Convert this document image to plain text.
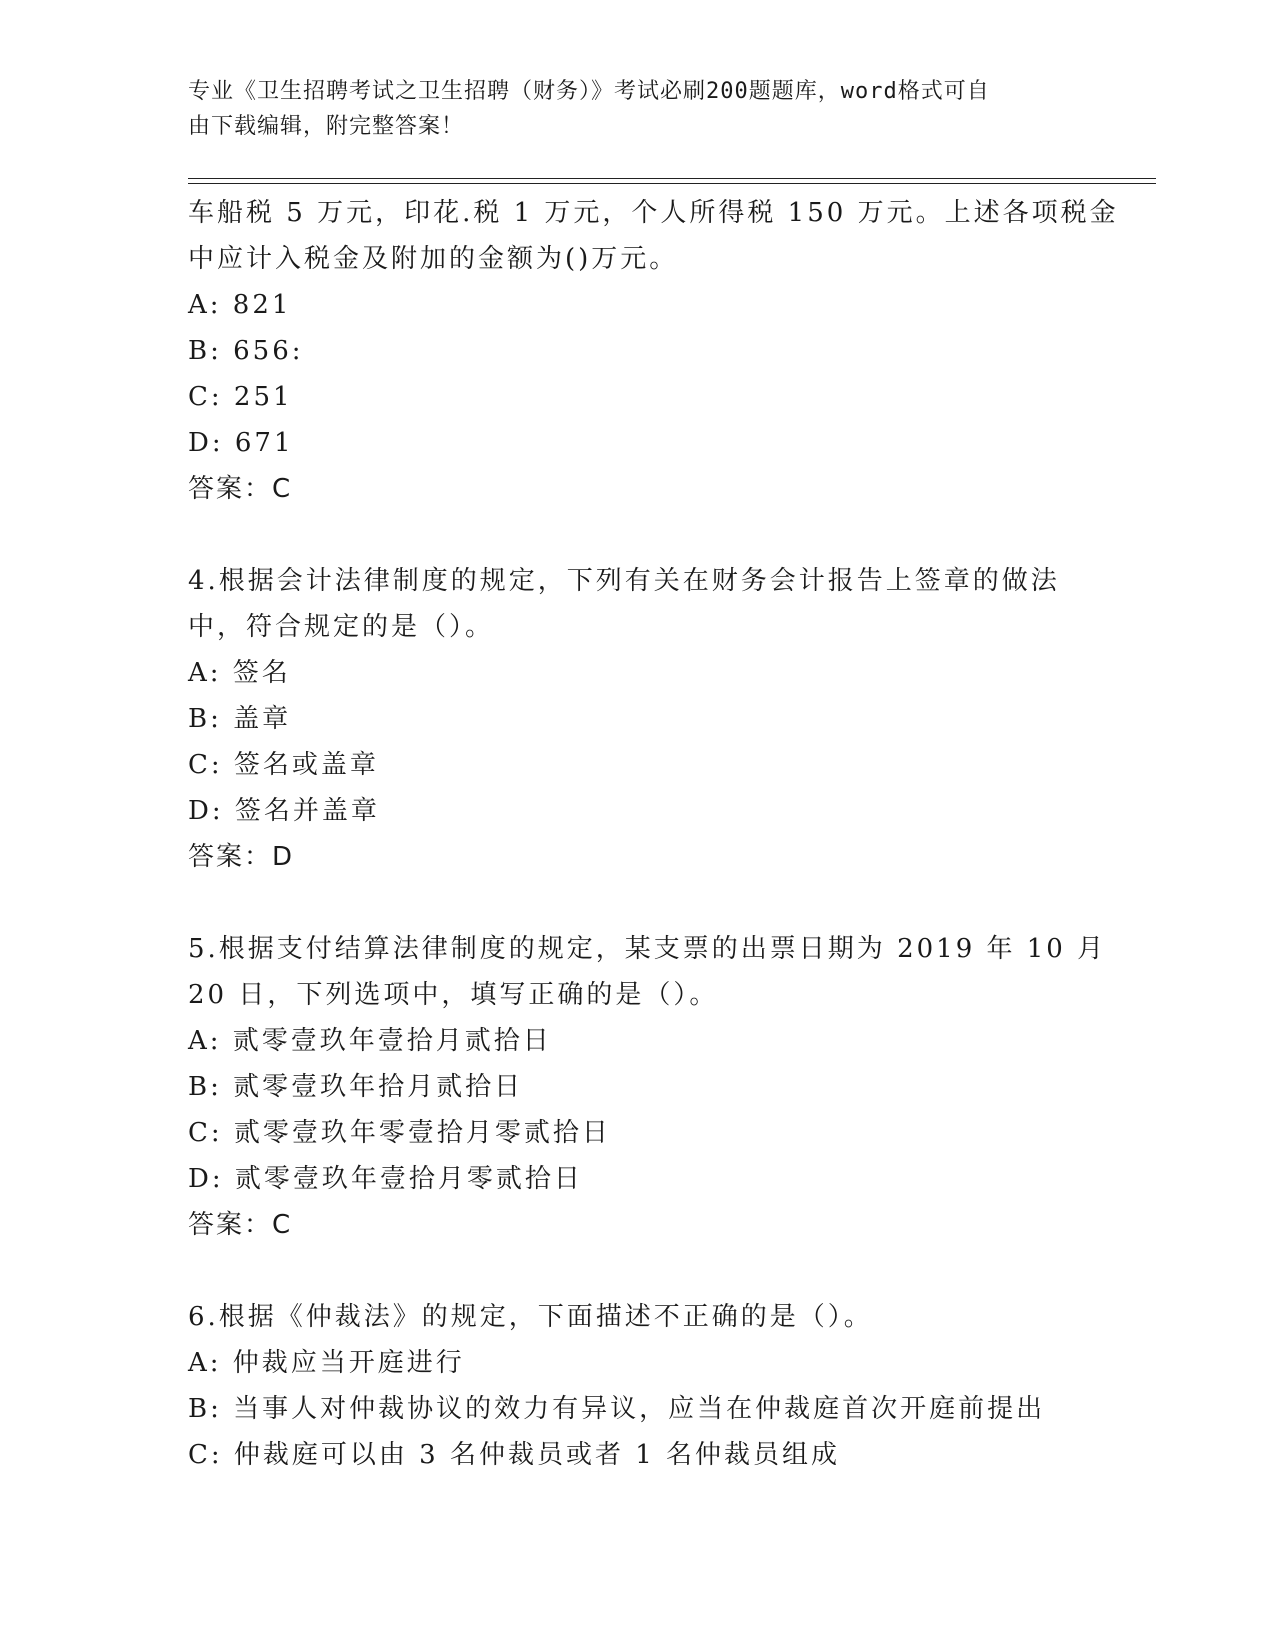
专业《卫生招聘考试之卫生招聘（财务）》考试必刷200题题库，word格式可自
由下载编辑，附完整答案！
车船税 5 万元，印花.税 1 万元，个人所得税 150 万元。上述各项税金
中应计入税金及附加的金额为()万元。
A: 821
B: 656:
C: 251
D: 671
答案：C
4.根据会计法律制度的规定，下列有关在财务会计报告上签章的做法
中，符合规定的是（）。
A: 签名
B: 盖章
C: 签名或盖章
D: 签名并盖章
答案：D
5.根据支付结算法律制度的规定，某支票的出票日期为 2019 年 10 月
20 日，下列选项中，填写正确的是（）。
A: 贰零壹玖年壹拾月贰拾日
B: 贰零壹玖年拾月贰拾日
C: 贰零壹玖年零壹拾月零贰拾日
D: 贰零壹玖年壹拾月零贰拾日
答案：C
6.根据《仲裁法》的规定，下面描述不正确的是（）。
A: 仲裁应当开庭进行
B: 当事人对仲裁协议的效力有异议，应当在仲裁庭首次开庭前提出
C: 仲裁庭可以由 3 名仲裁员或者 1 名仲裁员组成
